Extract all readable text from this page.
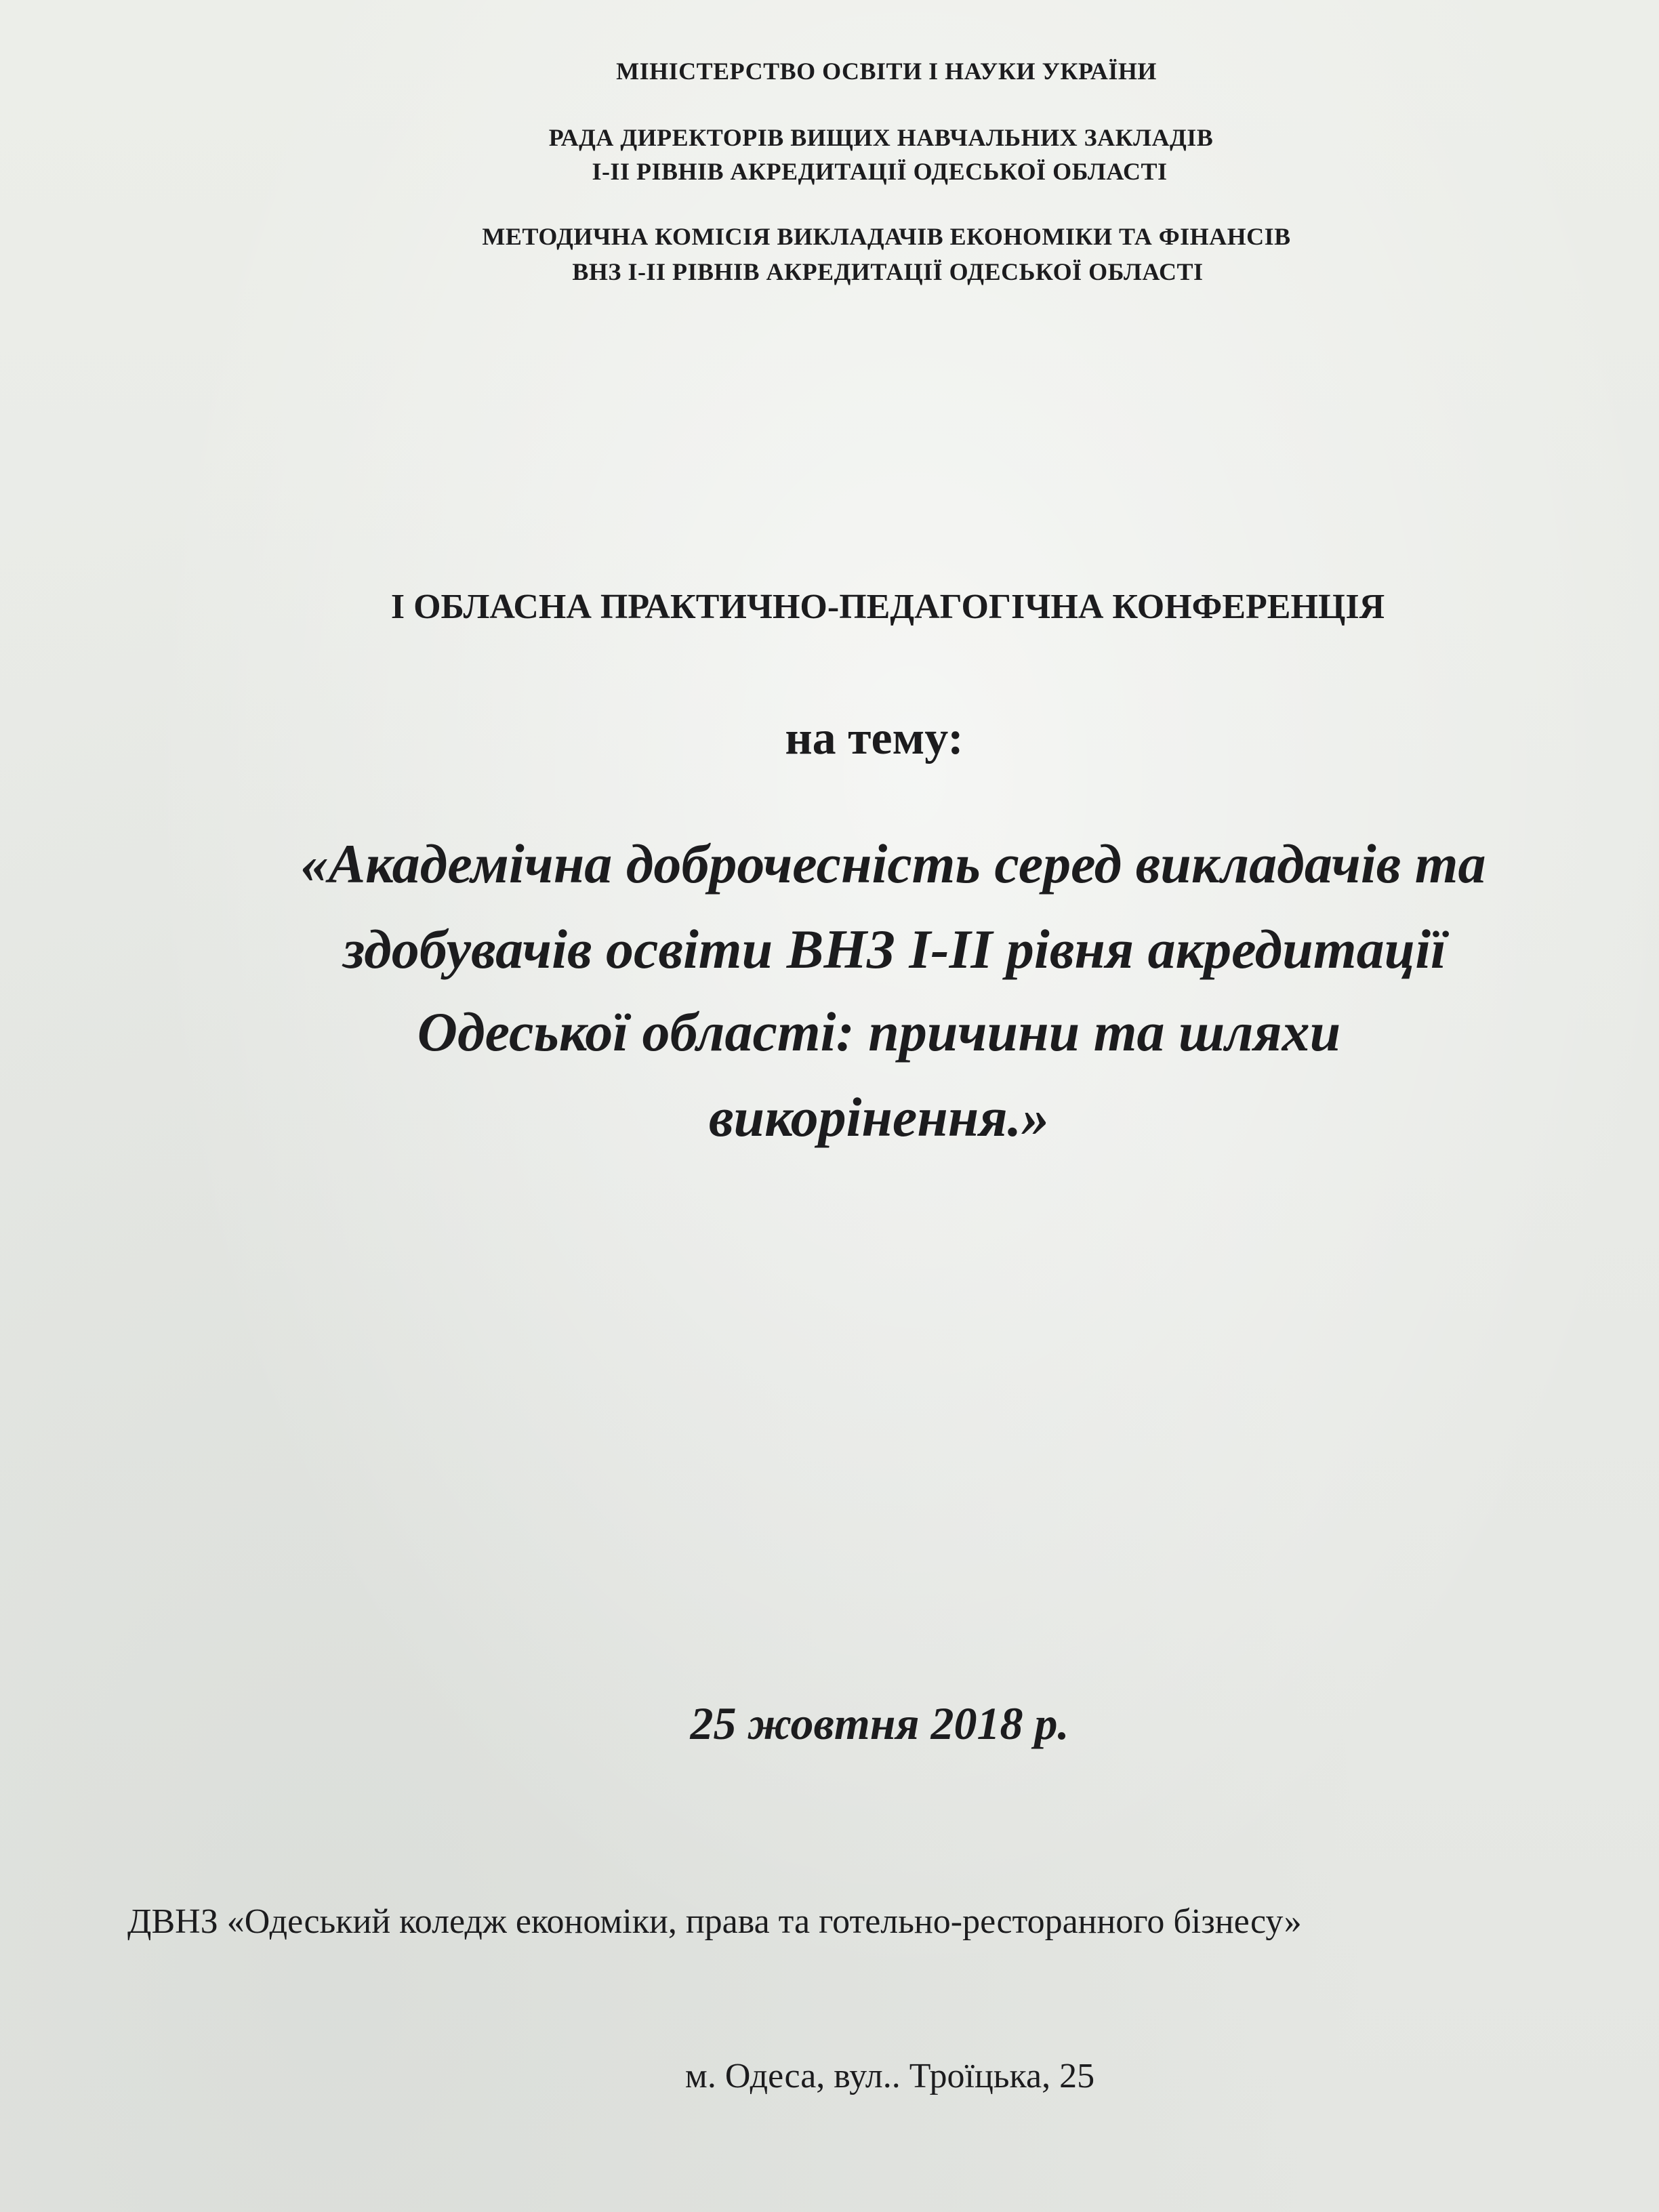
МІНІСТЕРСТВО ОСВІТИ І НАУКИ УКРАЇНИ
РАДА ДИРЕКТОРІВ ВИЩИХ НАВЧАЛЬНИХ ЗАКЛАДІВ
І-ІІ РІВНІВ АКРЕДИТАЦІЇ ОДЕСЬКОЇ ОБЛАСТІ
МЕТОДИЧНА КОМІСІЯ ВИКЛАДАЧІВ ЕКОНОМІКИ ТА ФІНАНСІВ
ВНЗ І-ІІ РІВНІВ АКРЕДИТАЦІЇ ОДЕСЬКОЇ ОБЛАСТІ
І ОБЛАСНА ПРАКТИЧНО-ПЕДАГОГІЧНА КОНФЕРЕНЦІЯ
на тему:
«Академічна доброчесність серед викладачів та
здобувачів освіти ВНЗ І-ІІ рівня акредитації
Одеської області: причини та шляхи
викорінення.»
25 жовтня 2018 р.
ДВНЗ «Одеський коледж економіки, права та готельно-ресторанного бізнесу»
м. Одеса, вул.. Троїцька, 25
